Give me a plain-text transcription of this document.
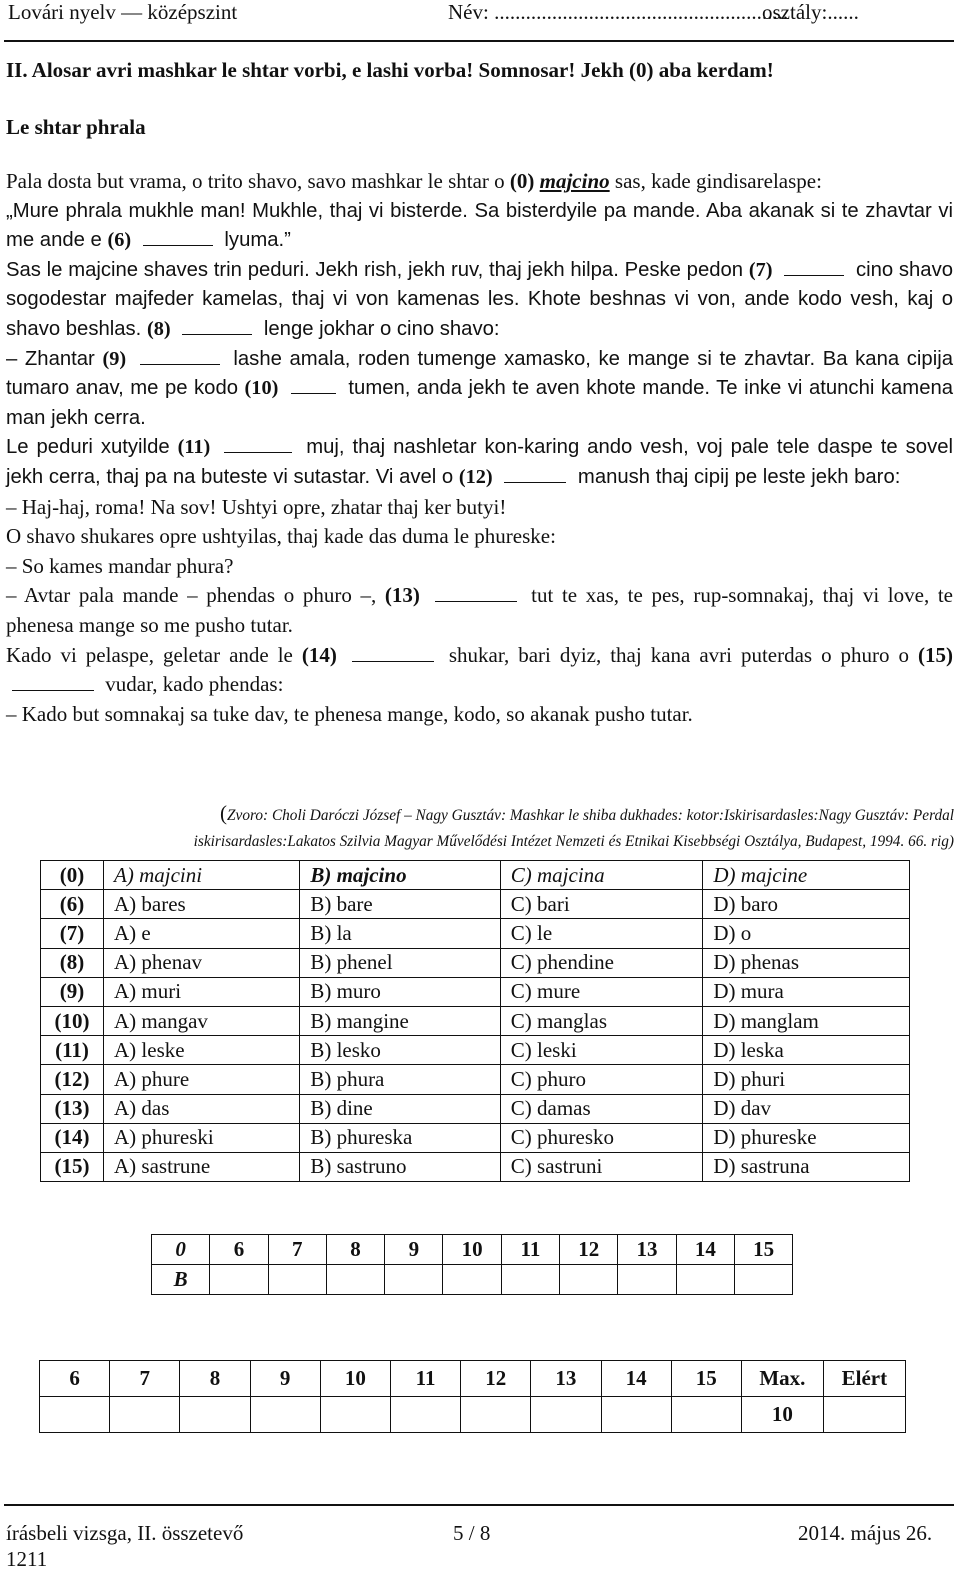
Lovári nyelv — középszint	Név: ........................................................
osztály:......
II. Alosar avri mashkar le shtar vorbi, e lashi vorba! Somnosar! Jekh (0) aba kerdam!
Le shtar phrala

Pala dosta but vrama, o trito shavo, savo mashkar le shtar o (0) majcino sas, kade gindisarelaspe:

„Mure phrala mukhle man! Mukhle, thaj vi bisterde. Sa bisterdyile pa mande. Aba akanak si te zhavtar vi me ande e (6)	lyuma.”

Sas le majcine shaves trin peduri. Jekh rish, jekh ruv, thaj jekh hilpa. Peske pedon (7)	cino shavo sogodestar majfeder kamelas, thaj vi von kamenas les. Khote beshnas vi von, ande kodo vesh, kaj o shavo beshlas. (8)	lenge jokhar o cino shavo:

– Zhantar (9)	lashe amala, roden tumenge xamasko, ke mange si te zhavtar. Ba kana cipija tumaro anav, me pe kodo (10)	tumen, anda jekh te aven khote mande. Te inke vi atunchi kamena man jekh cerra.

Le peduri xutyilde (11)	muj, thaj nashletar kon-karing ando vesh, voj pale tele daspe te sovel jekh cerra, thaj pa na buteste vi sutastar. Vi avel o (12)	manush thaj cipij pe leste jekh baro:

– Haj-haj, roma! Na sov! Ushtyi opre, zhatar thaj ker butyi!

O shavo shukares opre ushtyilas, thaj kade das duma le phureske:

– So kames mandar phura?

– Avtar pala mande – phendas o phuro –, (13)	tut te xas, te pes, rup-somnakaj, thaj vi love, te phenesa mange so me pusho tutar.

Kado vi pelaspe, geletar ande le (14)	shukar, bari dyiz, thaj kana avri puterdas o phuro o (15)  vudar, kado phendas:

– Kado but somnakaj sa tuke dav, te phenesa mange, kodo, so akanak pusho tutar.

(Zvoro: Choli Daróczi József – Nagy Gusztáv: Mashkar le shiba dukhades: kotor:Iskirisardasles:Nagy Gusztáv: Perdal
iskirisardasles:Lakatos Szilvia Magyar Művelődési Intézet Nemzeti és Etnikai Kisebbségi Osztálya, Budapest, 1994. 66. rig)
(0)	A) majcini	B) majcino	C) majcina	D) majcine
(6)	A) bares	B) bare	C) bari	D) baro
(7)	A) e	B) la	C) le	D) o
(8)	A) phenav	B) phenel	C) phendine	D) phenas
(9)	A) muri	B) muro	C) mure	D) mura
(10)	A) mangav	B) mangine	C) manglas	D) manglam
(11)	A) leske	B) lesko	C) leski	D) leska
(12)	A) phure	B) phura	C) phuro	D) phuri
(13)	A) das	B) dine	C) damas	D) dav
(14)	A) phureski	B) phureska	C) phuresko	D) phureske
(15)	A) sastrune	B) sastruno	C) sastruni	D) sastruna
0	6	7	8	9	10	11	12	13	14	15
B										
6	7	8	9	10	11	12	13	14	15	Max.	Elért
										10	
írásbeli vizsga, II. összetevő	5 / 8	2014. május 26.
1211
